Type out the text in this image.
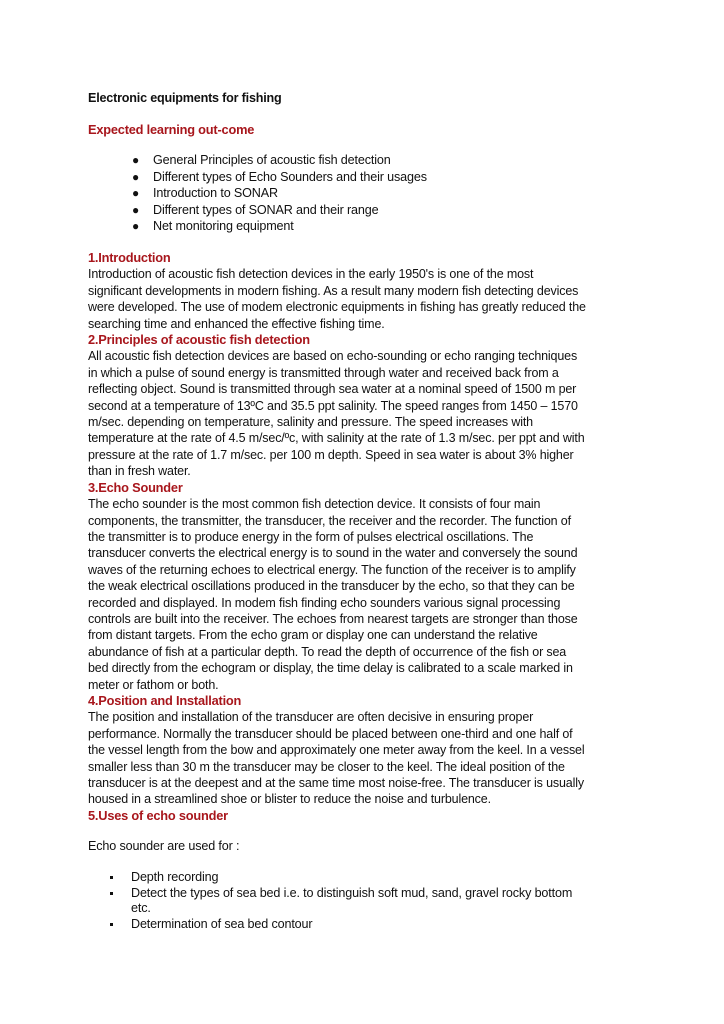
Electronic equipments for fishing
Expected learning out-come
● General Principles of acoustic fish detection
● Different types of Echo Sounders and their usages
● Introduction to SONAR
● Different types of SONAR and their range
● Net monitoring equipment
1.Introduction

Introduction of acoustic fish detection devices in the early 1950's is one of the most
significant developments in modern fishing. As a result many modern fish detecting devices
were developed. The use of modem electronic equipments in fishing has greatly reduced the
searching time and enhanced the effective fishing time.

2.Principles of acoustic fish detection

All acoustic fish detection devices are based on echo-sounding or echo ranging techniques
in which a pulse of sound energy is transmitted through water and received back from a
reflecting object. Sound is transmitted through sea water at a nominal speed of 1500 m per
second at a temperature of 13ºC and 35.5 ppt salinity. The speed ranges from 1450 – 1570
m/sec. depending on temperature, salinity and pressure. The speed increases with
temperature at the rate of 4.5 m/sec/ºc, with salinity at the rate of 1.3 m/sec. per ppt and with
pressure at the rate of 1.7 m/sec. per 100 m depth. Speed in sea water is about 3% higher
than in fresh water.

3.Echo Sounder

The echo sounder is the most common fish detection device. It consists of four main
components, the transmitter, the transducer, the receiver and the recorder. The function of
the transmitter is to produce energy in the form of pulses electrical oscillations. The
transducer converts the electrical energy is to sound in the water and conversely the sound
waves of the returning echoes to electrical energy. The function of the receiver is to amplify
the weak electrical oscillations produced in the transducer by the echo, so that they can be
recorded and displayed. In modem fish finding echo sounders various signal processing
controls are built into the receiver. The echoes from nearest targets are stronger than those
from distant targets. From the echo gram or display one can understand the relative
abundance of fish at a particular depth. To read the depth of occurrence of the fish or sea
bed directly from the echogram or display, the time delay is calibrated to a scale marked in
meter or fathom or both.

4.Position and Installation

The position and installation of the transducer are often decisive in ensuring proper
performance. Normally the transducer should be placed between one-third and one half of
the vessel length from the bow and approximately one meter away from the keel. In a vessel
smaller less than 30 m the transducer may be closer to the keel. The ideal position of the
transducer is at the deepest and at the same time most noise-free. The transducer is usually
housed in a streamlined shoe or blister to reduce the noise and turbulence.

5.Uses of echo sounder
Echo sounder are used for :
Depth recording
Detect the types of sea bed i.e. to distinguish soft mud, sand, gravel rocky bottom
etc.
Determination of sea bed contour
